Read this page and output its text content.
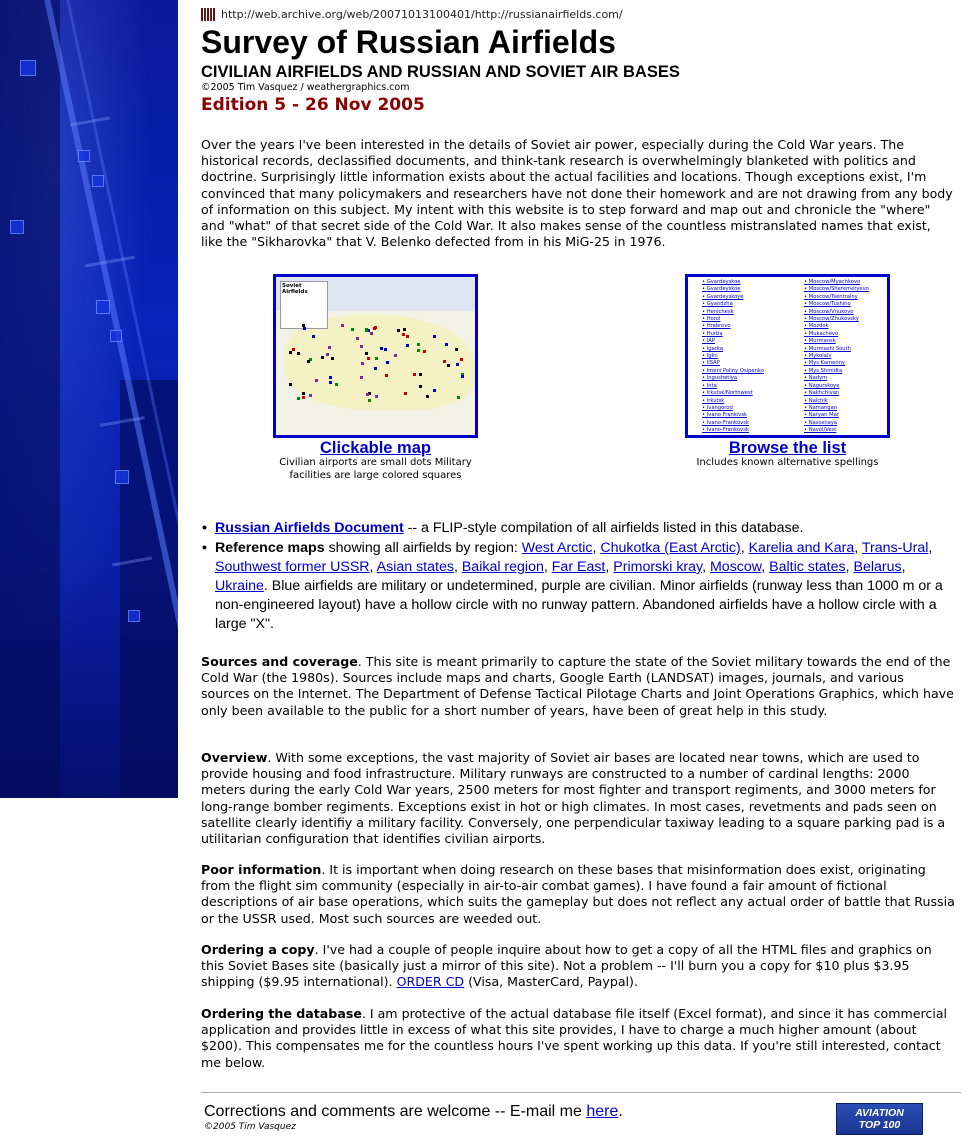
http://web.archive.org/web/20071013100401/http://russianairfields.com/
Survey of Russian Airfields
CIVILIAN AIRFIELDS AND RUSSIAN AND SOVIET AIR BASES
©2005 Tim Vasquez / weathergraphics.com
Edition 5 - 26 Nov 2005

Over the years I've been interested in the details of Soviet air power, especially during the Cold War years. The historical records, declassified documents, and think-tank research is overwhelmingly blanketed with politics and doctrine. Surprisingly little information exists about the actual facilities and locations. Though exceptions exist, I'm convinced that many policymakers and researchers have not done their homework and are not drawing from any body of information on this subject. My intent with this website is to step forward and map out and chronicle the "where" and "what" of that secret side of the Cold War. It also makes sense of the countless mistranslated names that exist, like the "Sikharovka" that V. Belenko defected from in his MiG-25 in 1976.

Soviet Airfields
Clickable map
Civilian airports are small dots Military facilities are large colored squares
• Gvardeyskoe
• Gvardeyskoe
• Gvardeyskoye
• Gyandzha
• Henichesk
• Horol
• Hrebrovo
• Hurba
• IAP
• Igarka
• Iglin
• IISAP
• Imeni Poliny Osipenko
• Ingushetiya
• Inta
• Irkutsk/Northwest
• Irkutsk
• Ivangorod
• Ivano Frankivsk
• Ivano-Frankovsk
• Ivano-Frankovsk
• Moscow/Myachkovo
• Moscow/Sheremetyevo
• Moscow/Tsentralny
• Moscow/Tushino
• Moscow/Vnukovo
• Moscow/Zhukovsky
• Mozdok
• Mukachevo
• Murmansk
• Murmashi South
• Mykolaiv
• Mys Kamenny
• Mys Shmidta
• Nadym
• Nagurskoye
• Nakhchivan
• Nalchik
• Namangan
• Naryan Mar
• Nasosnaya
• Navoi/Vest
Browse the list
Includes known alternative spellings
• Russian Airfields Document -- a FLIP-style compilation of all airfields listed in this database.
• Reference maps showing all airfields by region: West Arctic, Chukotka (East Arctic), Karelia and Kara, Trans-Ural, Southwest former USSR, Asian states, Baikal region, Far East, Primorski kray, Moscow, Baltic states, Belarus, Ukraine. Blue airfields are military or undetermined, purple are civilian. Minor airfields (runway less than 1000 m or a non-engineered layout) have a hollow circle with no runway pattern. Abandoned airfields have a hollow circle with a large "X".

Sources and coverage. This site is meant primarily to capture the state of the Soviet military towards the end of the Cold War (the 1980s). Sources include maps and charts, Google Earth (LANDSAT) images, journals, and various sources on the Internet. The Department of Defense Tactical Pilotage Charts and Joint Operations Graphics, which have only been available to the public for a short number of years, have been of great help in this study.

Overview. With some exceptions, the vast majority of Soviet air bases are located near towns, which are used to provide housing and food infrastructure. Military runways are constructed to a number of cardinal lengths: 2000 meters during the early Cold War years, 2500 meters for most fighter and transport regiments, and 3000 meters for long-range bomber regiments. Exceptions exist in hot or high climates. In most cases, revetments and pads seen on satellite clearly identifiy a military facility. Conversely, one perpendicular taxiway leading to a square parking pad is a utilitarian configuration that identifies civilian airports.

Poor information. It is important when doing research on these bases that misinformation does exist, originating from the flight sim community (especially in air-to-air combat games). I have found a fair amount of fictional descriptions of air base operations, which suits the gameplay but does not reflect any actual order of battle that Russia or the USSR used. Most such sources are weeded out.

Ordering a copy. I've had a couple of people inquire about how to get a copy of all the HTML files and graphics on this Soviet Bases site (basically just a mirror of this site). Not a problem -- I'll burn you a copy for $10 plus $3.95 shipping ($9.95 international). ORDER CD (Visa, MasterCard, Paypal).

Ordering the database. I am protective of the actual database file itself (Excel format), and since it has commercial application and provides little in excess of what this site provides, I have to charge a much higher amount (about $200). This compensates me for the countless hours I've spent working up this data. If you're still interested, contact me below.

Corrections and comments are welcome -- E-mail me here.
©2005 Tim Vasquez
AVIATION
TOP 100
